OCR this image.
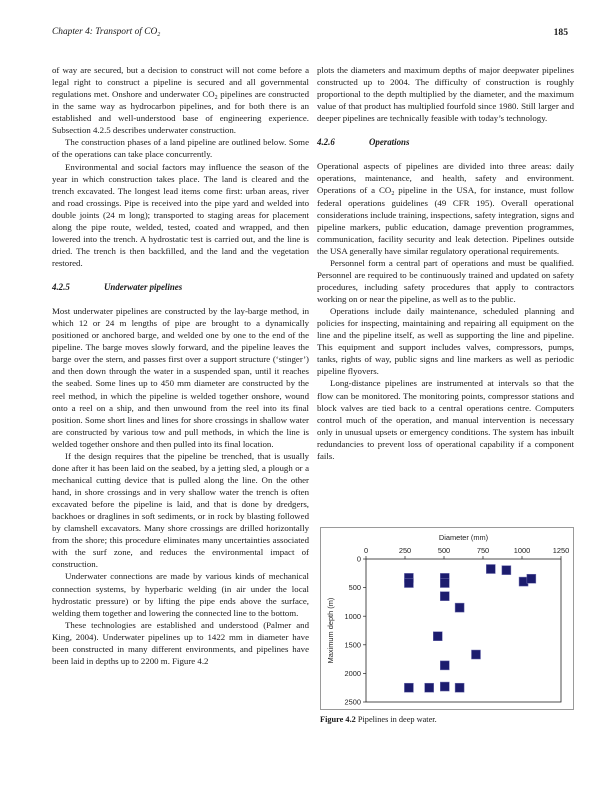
Chapter 4: Transport of $CO_2$	185

of way are secured, but a decision to construct will not come before a legal right to construct a pipeline is secured and all governmental regulations met. Onshore and underwater $CO_2$ pipelines are constructed in the same way as hydrocarbon pipelines, and for both there is an established and well-understood base of engineering experience. Subsection 4.2.5 describes underwater construction.

The construction phases of a land pipeline are outlined below. Some of the operations can take place concurrently.

Environmental and social factors may influence the season of the year in which construction takes place. The land is cleared and the trench excavated. The longest lead items come first: urban areas, river and road crossings. Pipe is received into the pipe yard and welded into double joints (24 m long); transported to staging areas for placement along the pipe route, welded, tested, coated and wrapped, and then lowered into the trench. A hydrostatic test is carried out, and the line is dried. The trench is then backfilled, and the land and the vegetation restored.

4.2.5	Underwater pipelines

Most underwater pipelines are constructed by the lay-barge method, in which 12 or 24 m lengths of pipe are brought to a dynamically positioned or anchored barge, and welded one by one to the end of the pipeline. The barge moves slowly forward, and the pipeline leaves the barge over the stern, and passes first over a support structure (‘stinger’) and then down through the water in a suspended span, until it reaches the seabed. Some lines up to 450 mm diameter are constructed by the reel method, in which the pipeline is welded together onshore, wound onto a reel on a ship, and then unwound from the reel into its final position. Some short lines and lines for shore crossings in shallow water are constructed by various tow and pull methods, in which the line is welded together onshore and then pulled into its final location.

If the design requires that the pipeline be trenched, that is usually done after it has been laid on the seabed, by a jetting sled, a plough or a mechanical cutting device that is pulled along the line. On the other hand, in shore crossings and in very shallow water the trench is often excavated before the pipeline is laid, and that is done by dredgers, backhoes or draglines in soft sediments, or in rock by blasting followed by clamshell excavators. Many shore crossings are drilled horizontally from the shore; this procedure eliminates many uncertainties associated with the surf zone, and reduces the environmental impact of construction.

Underwater connections are made by various kinds of mechanical connection systems, by hyperbaric welding (in air under the local hydrostatic pressure) or by lifting the pipe ends above the surface, welding them together and lowering the connected line to the bottom.

These technologies are established and understood (Palmer and King, 2004). Underwater pipelines up to 1422 mm in diameter have been constructed in many different environments, and pipelines have been laid in depths up to 2200 m. Figure 4.2

plots the diameters and maximum depths of major deepwater pipelines constructed up to 2004. The difficulty of construction is roughly proportional to the depth multiplied by the diameter, and the maximum value of that product has multiplied fourfold since 1980. Still larger and deeper pipelines are technically feasible with today’s technology.

4.2.6	Operations

Operational aspects of pipelines are divided into three areas: daily operations, maintenance, and health, safety and environment. Operations of a $CO_2$ pipeline in the USA, for instance, must follow federal operations guidelines (49 CFR 195). Overall operational considerations include training, inspections, safety integration, signs and pipeline markers, public education, damage prevention programmes, communication, facility security and leak detection. Pipelines outside the USA generally have similar regulatory operational requirements.

Personnel form a central part of operations and must be qualified. Personnel are required to be continuously trained and updated on safety procedures, including safety procedures that apply to contractors working on or near the pipeline, as well as to the public.

Operations include daily maintenance, scheduled planning and policies for inspecting, maintaining and repairing all equipment on the line and the pipeline itself, as well as supporting the line and pipeline. This equipment and support includes valves, compressors, pumps, tanks, rights of way, public signs and line markers as well as periodic pipeline flyovers.

Long-distance pipelines are instrumented at intervals so that the flow can be monitored. The monitoring points, compressor stations and block valves are tied back to a central operations centre. Computers control much of the operation, and manual intervention is necessary only in unusual upsets or emergency conditions. The system has inbuilt redundancies to prevent loss of operational capability if a component fails.

Diameter (mm)
0	250	500	750	1000	1250
0
500
1000
1500
2000
2500
Maximum depth (m)
Figure 4.2 Pipelines in deep water.
